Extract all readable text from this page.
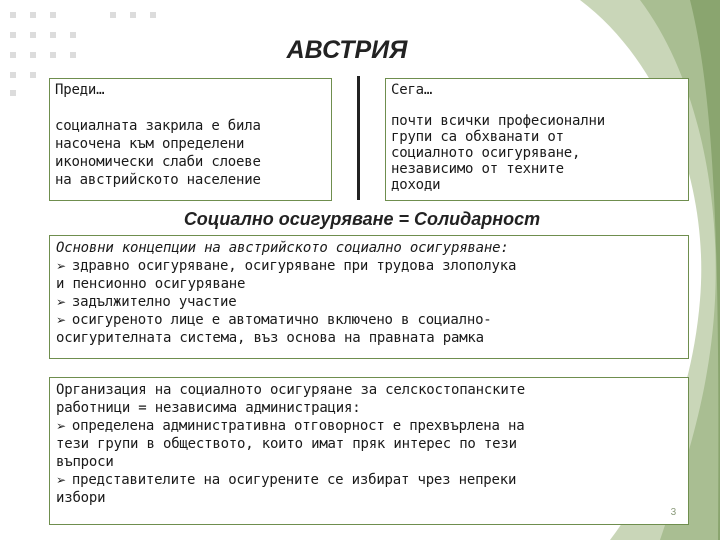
АВСТРИЯ
Преди…
социалната закрила е била
насочена към определени
икономически слаби слоеве
на австрийското население
Сега…
почти всички професионални
групи са обхванати от
социалното осигуряване,
независимо от техните
доходи
Социално осигуряване = Солидарност
Основни концепции на австрийското социално осигуряване:
➢ здравно осигуряване, осигуряване при трудова злополука
и пенсионно осигуряване
➢ задължително участие
➢ осигуреното лице е автоматично включено в социално-
осигурителната система, въз основа на правната рамка
Организация на социалното осигуряане за селскостопанските
работници = независима администрация:
➢ определена административна отговорност е прехвърлена на
тези групи в обществото, които имат пряк интерес по тези
въпроси
➢ представителите на осигурените се избират чрез непреки
избори
3
